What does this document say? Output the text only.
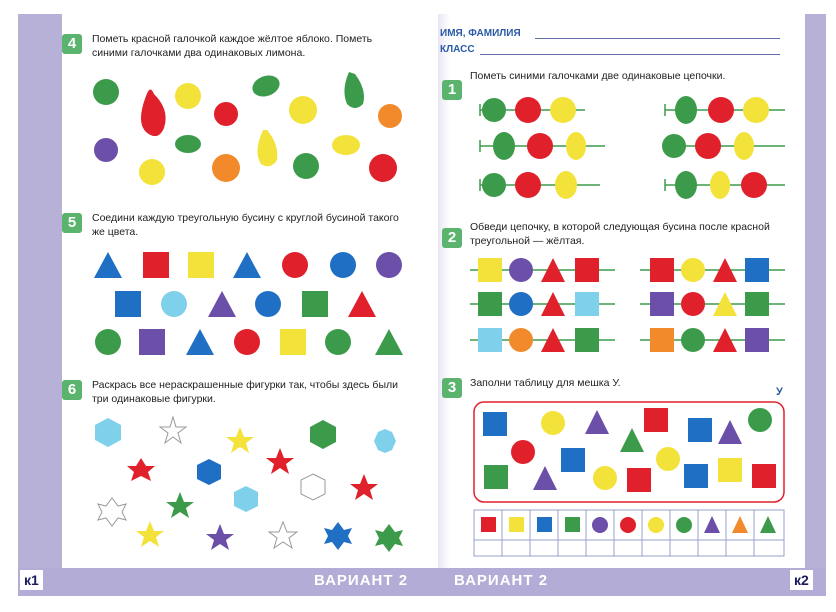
4	Пометь красной галочкой каждое жёлтое яблоко. Пометь синими галочками два одинаковых лимона.
5	Соедини каждую треугольную бусину с круглой бусиной такого же цвета.
6	Раскрась все нераскрашенные фигурки так, чтобы здесь были три одинаковые фигурки.
ИМЯ, ФАМИЛИЯ
КЛАСС
1
Пометь синими галочками две одинаковые цепочки.
2
Обведи цепочку, в которой следующая бусина после красной треугольной — жёлтая.
3	Заполни таблицу для мешка У.
У
к1	к2
ВАРИАНТ 2	ВАРИАНТ 2
